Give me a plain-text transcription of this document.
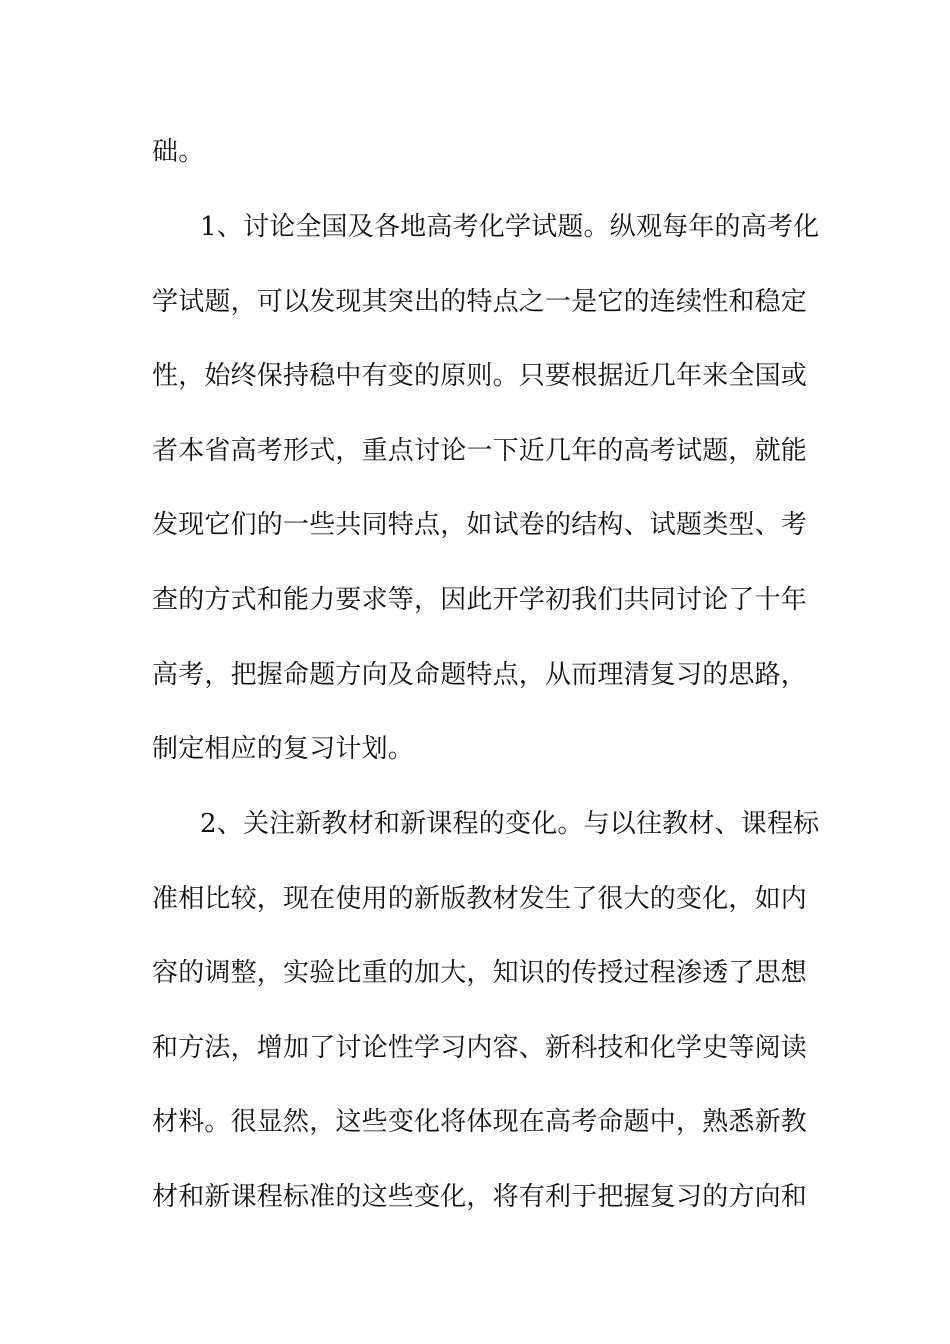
础。
1、讨论全国及各地高考化学试题。纵观每年的高考化
学试题，可以发现其突出的特点之一是它的连续性和稳定
性，始终保持稳中有变的原则。只要根据近几年来全国或
者本省高考形式，重点讨论一下近几年的高考试题，就能
发现它们的一些共同特点，如试卷的结构、试题类型、考
查的方式和能力要求等，因此开学初我们共同讨论了十年
高考，把握命题方向及命题特点，从而理清复习的思路，
制定相应的复习计划。
2、关注新教材和新课程的变化。与以往教材、课程标
准相比较，现在使用的新版教材发生了很大的变化，如内
容的调整，实验比重的加大，知识的传授过程渗透了思想
和方法，增加了讨论性学习内容、新科技和化学史等阅读
材料。很显然，这些变化将体现在高考命题中，熟悉新教
材和新课程标准的这些变化，将有利于把握复习的方向和
